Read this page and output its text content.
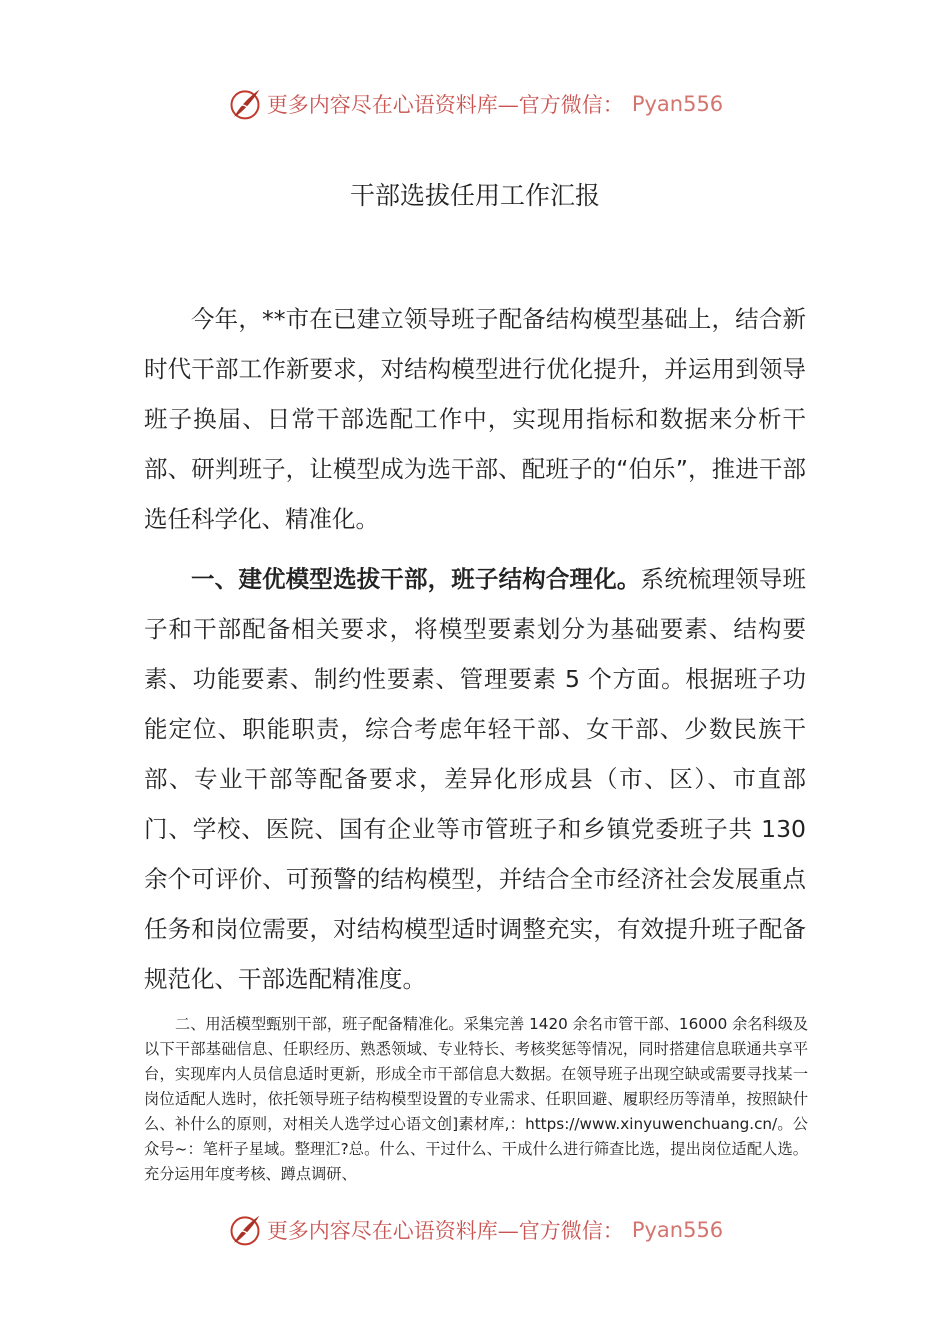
更多内容尽在心语资料库—官方微信： Pyan556
干部选拔任用工作汇报

今年，**市在已建立领导班子配备结构模型基础上，结合新时代干部工作新要求，对结构模型进行优化提升，并运用到领导班子换届、日常干部选配工作中，实现用指标和数据来分析干部、研判班子，让模型成为选干部、配班子的“伯乐”，推进干部选任科学化、精准化。

一、建优模型选拔干部，班子结构合理化。系统梳理领导班子和干部配备相关要求，将模型要素划分为基础要素、结构要素、功能要素、制约性要素、管理要素 5 个方面。根据班子功能定位、职能职责，综合考虑年轻干部、女干部、少数民族干部、专业干部等配备要求，差异化形成县（市、区）、市直部门、学校、医院、国有企业等市管班子和乡镇党委班子共 130 余个可评价、可预警的结构模型，并结合全市经济社会发展重点任务和岗位需要，对结构模型适时调整充实，有效提升班子配备规范化、干部选配精准度。

二、用活模型甄别干部，班子配备精准化。采集完善 1420 余名市管干部、16000 余名科级及以下干部基础信息、任职经历、熟悉领域、专业特长、考核奖惩等情况，同时搭建信息联通共享平台，实现库内人员信息适时更新，形成全市干部信息大数据。在领导班子出现空缺或需要寻找某一岗位适配人选时，依托领导班子结构模型设置的专业需求、任职回避、履职经历等清单，按照缺什么、补什么的原则，对相关人选学过心语文创]素材库,：https://www.xinyuwenchuang.cn/。公众号~：笔杆子星域。整理汇?总。什么、干过什么、干成什么进行筛查比选，提出岗位适配人选。充分运用年度考核、蹲点调研、

更多内容尽在心语资料库—官方微信： Pyan556
